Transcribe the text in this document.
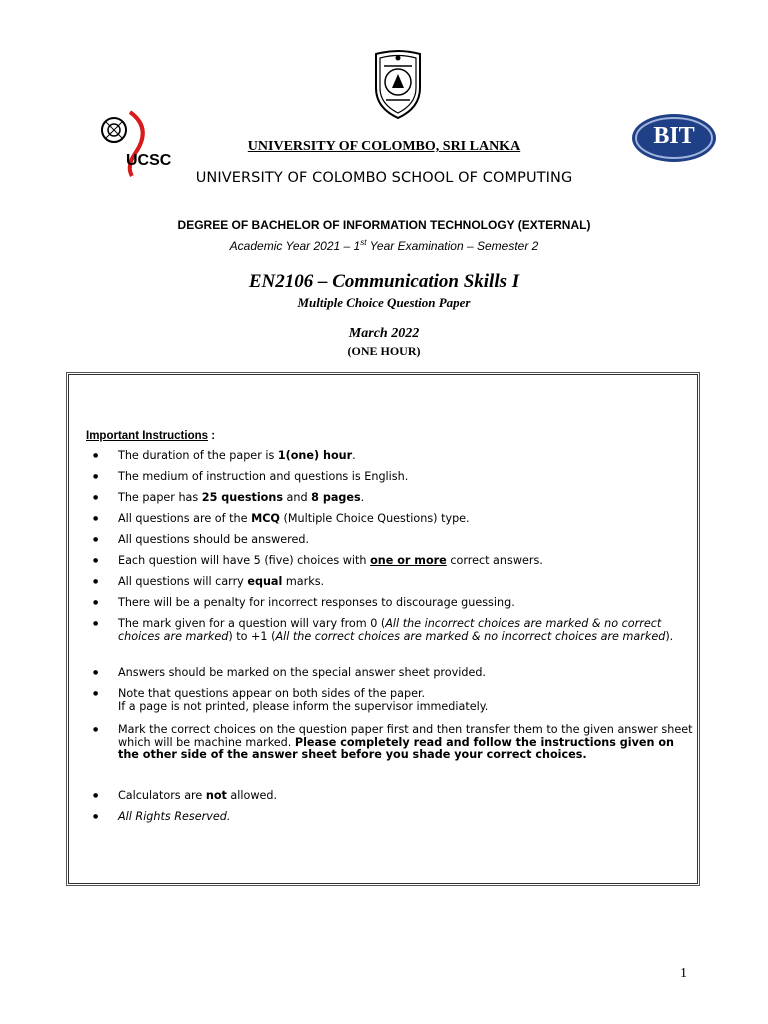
UCSC
BIT
UNIVERSITY OF COLOMBO, SRI LANKA
UNIVERSITY OF COLOMBO SCHOOL OF COMPUTING
DEGREE OF BACHELOR OF INFORMATION TECHNOLOGY (EXTERNAL)
Academic Year 2021 – 1st Year Examination – Semester 2
EN2106 – Communication Skills I
Multiple Choice Question Paper
March 2022
(ONE HOUR)
Important Instructions :
● The duration of the paper is 1(one) hour.
● The medium of instruction and questions is English.
● The paper has 25 questions and 8 pages.
● All questions are of the MCQ (Multiple Choice Questions) type.
● All questions should be answered.
● Each question will have 5 (five) choices with one or more correct answers.
● All questions will carry equal marks.
● There will be a penalty for incorrect responses to discourage guessing.
● The mark given for a question will vary from 0 (All the incorrect choices are marked & no correct choices are marked) to +1 (All the correct choices are marked & no incorrect choices are marked).
● Answers should be marked on the special answer sheet provided.
● Note that questions appear on both sides of the paper.
If a page is not printed, please inform the supervisor immediately.
● Mark the correct choices on the question paper first and then transfer them to the given answer sheet which will be machine marked. Please completely read and follow the instructions given on the other side of the answer sheet before you shade your correct choices.
● Calculators are not allowed.
● All Rights Reserved.
1
